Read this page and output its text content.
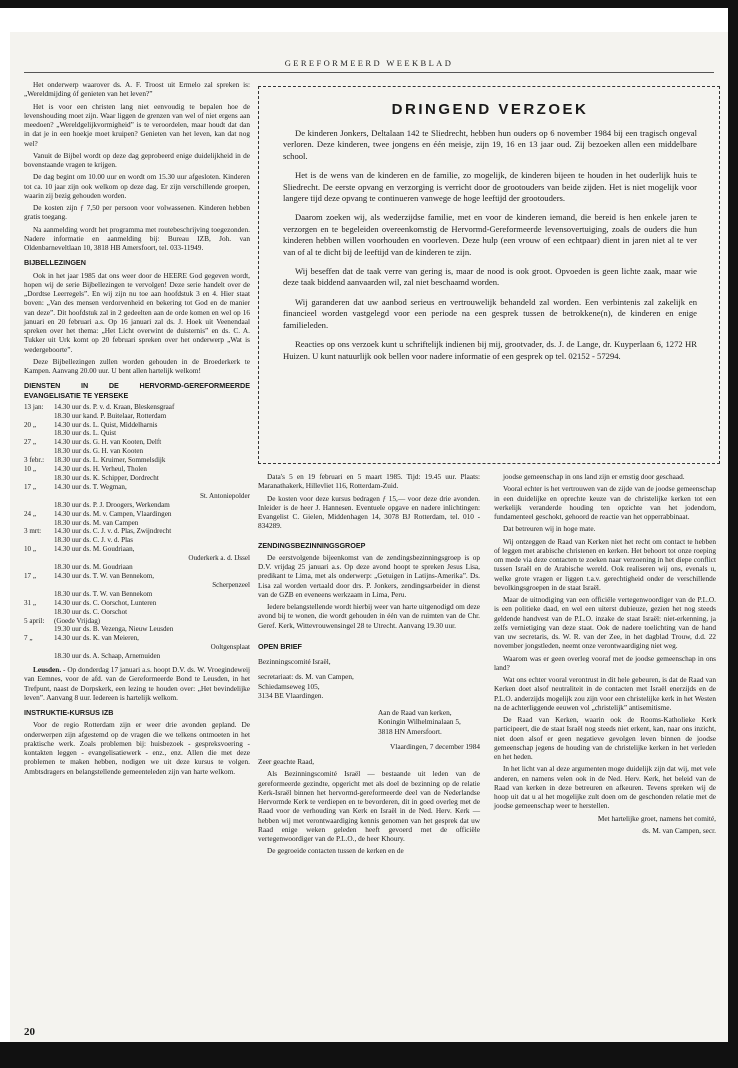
GEREFORMEERD WEEKBLAD

Het onderwerp waarover ds. A. F. Troost uit Ermelo zal spreken is: „Wereldmijding óf genieten van het leven?”

Het is voor een christen lang niet eenvoudig te bepalen hoe de levenshouding moet zijn. Waar liggen de grenzen van wel of niet ergens aan meedoen? „Wereldgelijkvormigheid” is te veroordelen, maar houdt dat dan in dat je in een hoekje moet kruipen? Genieten van het leven, kan dat nog wel?

Vanuit de Bijbel wordt op deze dag geprobeerd enige duidelijkheid in de bovenstaande vragen te krijgen.

De dag begint om 10.00 uur en wordt om 15.30 uur afgesloten. Kinderen tot ca. 10 jaar zijn ook welkom op deze dag. Er zijn verschillende groepen, waarin zij bezig gehouden worden.

De kosten zijn ƒ 7,50 per persoon voor volwassenen. Kinderen hebben gratis toegang.

Na aanmelding wordt het programma met routebeschrijving toegezonden. Nadere informatie en aanmelding bij: Bureau IZB, Joh. van Oldenbarneveltlaan 10, 3818 HB Amersfoort, tel. 033-11949.

BIJBELLEZINGEN

Ook in het jaar 1985 dat ons weer door de HEERE God gegeven wordt, hopen wij de serie Bijbellezingen te vervolgen! Deze serie handelt over de „Dordtse Leerregels”. En wij zijn nu toe aan hoofdstuk 3 en 4. Hier staat boven: „Van des mensen verdorvenheid en bekering tot God en de manier van deze”. Dit hoofdstuk zal in 2 gedeelten aan de orde komen en wel op 16 januari en 20 februari a.s. Op 16 januari zal ds. J. Hoek uit Veenendaal spreken over het thema: „Het Licht overwint de duisternis” en ds. C. A. Tukker uit Urk komt op 20 februari spreken over het onderwerp „Wat is wedergeboorte”.

Deze Bijbellezingen zullen worden gehouden in de Broederkerk te Kampen. Aanvang 20.00 uur. U bent allen hartelijk welkom!

DIENSTEN IN DE HERVORMD-GEREFORMEERDE EVANGELISATIE TE YERSEKE
13 jan:	14.30 uur ds. P. v. d. Kraan, Bleskensgraaf
	18.30 uur kand. P. Buitelaar, Rotterdam
20 „	14.30 uur ds. L. Quist, Middelharnis
	18.30 uur ds. L. Quist
27 „	14.30 uur ds. G. H. van Kooten, Delft
	18.30 uur ds. G. H. van Kooten
3 febr.:	18.30 uur ds. L. Kruimer, Sommelsdijk
10 „	14.30 uur ds. H. Verheul, Tholen
	18.30 uur ds. K. Schipper, Dordrecht
17 „	14.30 uur ds. T. Wegman,
	St. Antoniepolder
	18.30 uur ds. P. J. Droogers, Werkendam
24 „	14.30 uur ds. M. v. Campen, Vlaardingen
	18.30 uur ds. M. van Campen
3 mrt:	14.30 uur ds. C. J. v. d. Plas, Zwijndrecht
	18.30 uur ds. C. J. v. d. Plas
10 „	14.30 uur ds. M. Goudriaan,
	Ouderkerk a. d. IJssel
	18.30 uur ds. M. Goudriaan
17 „	14.30 uur ds. T. W. van Bennekom,
	Scherpenzeel
	18.30 uur ds. T. W. van Bennekom
31 „	14.30 uur ds. C. Oorschot, Lunteren
	18.30 uur ds. C. Oorschot
5 april:	(Goede Vrijdag)
	19.30 uur ds. B. Vezenga, Nieuw Leusden
7 „	14.30 uur ds. K. van Meieren,
	Ooltgensplaat
	18.30 uur ds. A. Schaap, Arnemuiden

Leusden. - Op donderdag 17 januari a.s. hoopt D.V. ds. W. Vroegindeweij van Eemnes, voor de afd. van de Gereformeerde Bond te Leusden, in het Trefpunt, naast de Dorpskerk, een lezing te houden over: „Het bevindelijke leven”. Aanvang 8 uur. Iedereen is hartelijk welkom.

INSTRUKTIE-KURSUS IZB

Voor de regio Rotterdam zijn er weer drie avonden gepland. De onderwerpen zijn afgestemd op de vragen die we telkens ontmoeten in het praktische werk. Zoals problemen bij: huisbezoek - gespreksvoering - kontakten leggen - evangelisatiewerk - enz., enz. Allen die met deze problemen te maken hebben, nodigen we uit deze kursus te volgen. Ambtsdragers en belangstellende gemeenteleden zijn van harte welkom.

DRINGEND VERZOEK

De kinderen Jonkers, Deltalaan 142 te Sliedrecht, hebben hun ouders op 6 november 1984 bij een tragisch ongeval verloren. Deze kinderen, twee jongens en één meisje, zijn 19, 16 en 13 jaar oud. Zij bezoeken allen een middelbare school.

Het is de wens van de kinderen en de familie, zo mogelijk, de kinderen bijeen te houden in het ouderlijk huis te Sliedrecht. De eerste opvang en verzorging is verricht door de grootouders van beide zijden. Het is niet mogelijk voor langere tijd deze opvang te continueren vanwege de hoge leeftijd der grootouders.

Daarom zoeken wij, als wederzijdse familie, met en voor de kinderen iemand, die bereid is hen enkele jaren te verzorgen en te begeleiden overeenkomstig de Hervormd-Gereformeerde levensovertuiging, zoals de ouders die hun kinderen hebben willen voorhouden en voorleven. Deze hulp (een vrouw of een echtpaar) dient in jaren niet al te ver van of al te dicht bij de leeftijd van de kinderen te zijn.

Wij beseffen dat de taak verre van gering is, maar de nood is ook groot. Opvoeden is geen lichte zaak, maar wie deze taak biddend aanvaarden wil, zal niet beschaamd worden.

Wij garanderen dat uw aanbod serieus en vertrouwelijk behandeld zal worden. Een verbintenis zal zakelijk en financieel worden vastgelegd voor een periode na een gesprek tussen de betrokkene(n), de kinderen en enige familieleden.

Reacties op ons verzoek kunt u schriftelijk indienen bij mij, grootvader, ds. J. de Lange, dr. Kuyperlaan 6, 1272 HR Huizen. U kunt natuurlijk ook bellen voor nadere informatie of een gesprek op tel. 02152 - 57294.

Data's 5 en 19 februari en 5 maart 1985. Tijd: 19.45 uur. Plaats: Maranathakerk, Hillevliet 116, Rotterdam-Zuid.

De kosten voor deze kursus bedragen ƒ 15,— voor deze drie avonden. Inleider is de heer J. Hannesen. Eventuele opgave en nadere inlichtingen: Evangelist C. Gielen, Middenhagen 14, 3078 BJ Rotterdam, tel. 010 - 834289.

ZENDINGSBEZINNINGSGROEP

De eerstvolgende bijeenkomst van de zendingsbezinningsgroep is op D.V. vrijdag 25 januari a.s. Op deze avond hoopt te spreken Jesus Lisa, predikant te Lima, met als onderwerp: „Getuigen in Latijns-Amerika”. Ds. Lisa zal worden vertaald door drs. P. Jonkers, zendingsarbeider in dienst van de GZB en eveneens werkzaam in Lima, Peru.

Iedere belangstellende wordt hierbij weer van harte uitgenodigd om deze avond bij te wonen, die wordt gehouden in één van de ruimten van de Chr. Geref. Kerk, Wittevrouwensingel 28 te Utrecht. Aanvang 19.30 uur.

OPEN BRIEF

Bezinningscomité Israël,

secretariaat: ds. M. van Campen,
Schiedamseweg 105,
3134 BE Vlaardingen.
Aan de Raad van kerken,
Koningin Wilhelminalaan 5,
3818 HN Amersfoort.

Vlaardingen, 7 december 1984

Zeer geachte Raad,

Als Bezinningscomité Israël — bestaande uit leden van de gereformeerde gezindte, opgericht met als doel de bezinning op de relatie Kerk-Israël binnen het hervormd-gereformeerde deel van de Nederlandse Hervormde Kerk te verdiepen en te bevorderen, dit in goed overleg met de Raad voor de verhouding van Kerk en Israël in de Ned. Herv. Kerk — hebben wij met verontwaardiging kennis genomen van het gesprek dat uw Raad enige weken geleden heeft gevoerd met de officiële vertegenwoordiger van de P.L.O., de heer Khoury.

De gegroeide contacten tussen de kerken en de

joodse gemeenschap in ons land zijn er ernstig door geschaad.

Vooral echter is het vertrouwen van de zijde van de joodse gemeenschap in een duidelijke en oprechte keuze van de christelijke kerken tot een werkelijk veranderde houding ten opzichte van het jodendom, fundamenteel geschokt, gehoord de reactie van het opperrabbinaat.

Dat betreuren wij in hoge mate.

Wij ontzeggen de Raad van Kerken niet het recht om contact te hebben of leggen met arabische christenen en kerken. Het behoort tot onze roeping om mede via deze contacten te zoeken naar verzoening in het diepe conflict tussen Israël en de Arabische wereld. Ook realiseren wij ons, evenals u, welke grote vragen er liggen t.a.v. gerechtigheid onder de verschillende bevolkingsgroepen in de staat Israël.

Maar de uitnodiging van een officiële vertegenwoordiger van de P.L.O. is een politieke daad, en wel een uiterst dubieuze, gezien het nog steeds geldende handvest van de P.L.O. inzake de staat Israël: niet-erkenning, ja zelfs vernietiging van deze staat. Ook de nadere toelichting van de hand van uw secretaris, ds. W. R. van der Zee, in het dagblad Trouw, d.d. 22 november jongstleden, neemt onze verontwaardiging niet weg.

Waarom was er geen overleg vooraf met de joodse gemeenschap in ons land?

Wat ons echter vooral verontrust in dit hele gebeuren, is dat de Raad van Kerken doet alsof neutraliteit in de contacten met Israël enerzijds en de P.L.O. anderzijds mogelijk zou zijn voor een christelijke kerk in het Westen na de achterliggende eeuwen vol „christelijk” antisemitisme.

De Raad van Kerken, waarin ook de Rooms-Katholieke Kerk participeert, die de staat Israël nog steeds niet erkent, kan, naar ons inzicht, niet doen alsof er geen negatieve gevolgen leven binnen de joodse gemeenschap jegens de houding van de christelijke kerken in het verleden en het heden.

In het licht van al deze argumenten moge duidelijk zijn dat wij, met vele anderen, en namens velen ook in de Ned. Herv. Kerk, het beleid van de Raad van kerken in deze betreuren en afkeuren. Tevens spreken wij de hoop uit dat u al het mogelijke zult doen om de geschonden relatie met de joodse gemeenschap weer te herstellen.

Met hartelijke groet, namens het comité,

ds. M. van Campen, secr.

20
